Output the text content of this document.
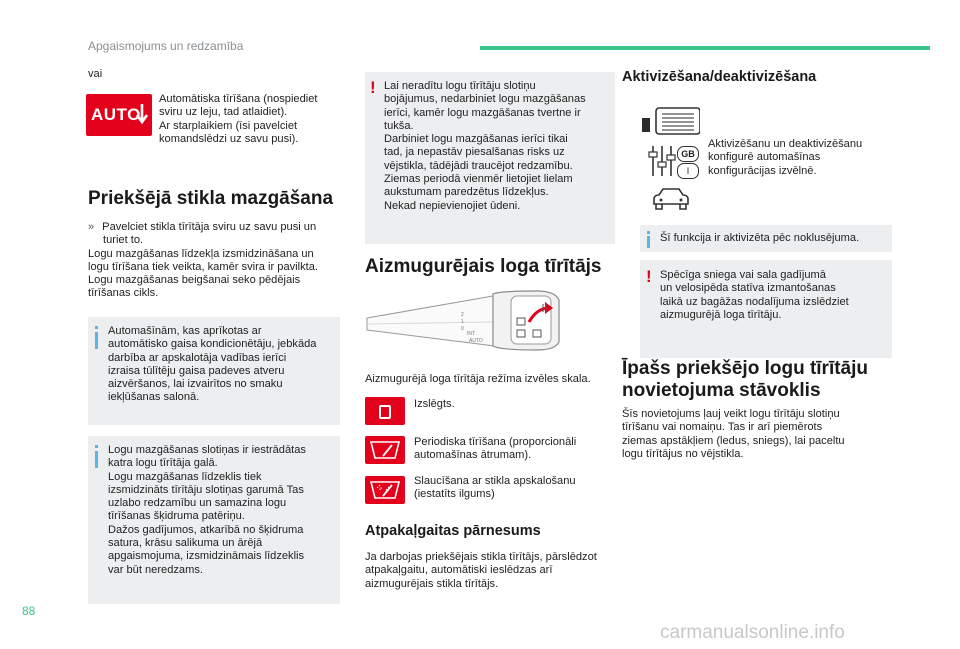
Apgaismojums un redzamība
vai
AUTO

Automātiska tīrīšana (nospiediet

sviru uz leju, tad atlaidiet).

Ar starplaikiem (īsi pavelciet

komandslēdzi uz savu pusi).

Priekšējā stikla mazgāšana

» Pavelciet stikla tīrītāja sviru uz savu pusi un

turiet to.

Logu mazgāšanas līdzekļa izsmidzināšana un

logu tīrīšana tiek veikta, kamēr svira ir pavilkta.

Logu mazgāšanas beigšanai seko pēdējais

tīrīšanas cikls.

Automašīnām, kas aprīkotas ar

automātisko gaisa kondicionētāju, jebkāda

darbība ar apskalotāja vadības ierīci

izraisa tūlītēju gaisa padeves atveru

aizvēršanos, lai izvairītos no smaku

iekļūšanas salonā.

Logu mazgāšanas slotiņas ir iestrādātas

katra logu tīrītāja galā.

Logu mazgāšanas līdzeklis tiek

izsmidzināts tīrītāju slotiņas garumā Tas

uzlabo redzamību un samazina logu

tīrīšanas šķidruma patēriņu.

Dažos gadījumos, atkarībā no šķidruma

satura, krāsu salikuma un ārējā

apgaismojuma, izsmidzināmais līdzeklis

var būt neredzams.

! Lai neradītu logu tīrītāju slotiņu

bojājumus, nedarbiniet logu mazgāšanas

ierīci, kamēr logu mazgāšanas tvertne ir

tukša.

Darbiniet logu mazgāšanas ierīci tikai

tad, ja nepastāv piesalšanas risks uz

vējstikla, tādējādi traucējot redzamību.

Ziemas periodā vienmēr lietojiet lielam

aukstumam paredzētus līdzekļus.

Nekad nepievienojiet ūdeni.

Aizmugurējais loga tīrītājs
2
1
0
INT
AUTO
Aizmugurējā loga tīrītāja režīma izvēles skala.
Izslēgts.

Periodiska tīrīšana (proporcionāli

automašīnas ātrumam).

Slaucīšana ar stikla apskalošanu

(iestatīts ilgums)

Atpakaļgaitas pārnesums

Ja darbojas priekšējais stikla tīrītājs, pārslēdzot

atpakaļgaitu, automātiski ieslēdzas arī

aizmugurējais stikla tīrītājs.

Aktivizēšana/deaktivizēšana
GB
I

Aktivizēšanu un deaktivizēšanu

konfigurē automašīnas

konfigurācijas izvēlnē.

Šī funkcija ir aktivizēta pēc noklusējuma.
! Spēcīga sniega vai sala gadījumā

un velosipēda statīva izmantošanas

laikā uz bagāžas nodalījuma izslēdziet

aizmugurējā loga tīrītāju.

Īpašs priekšējo logu tīrītāju
novietojuma stāvoklis

Šīs novietojums ļauj veikt logu tīrītāju slotiņu

tīrīšanu vai nomaiņu. Tas ir arī piemērots

ziemas apstākļiem (ledus, sniegs), lai paceltu

logu tīrītājus no vējstikla.

88
carmanualsonline.info
